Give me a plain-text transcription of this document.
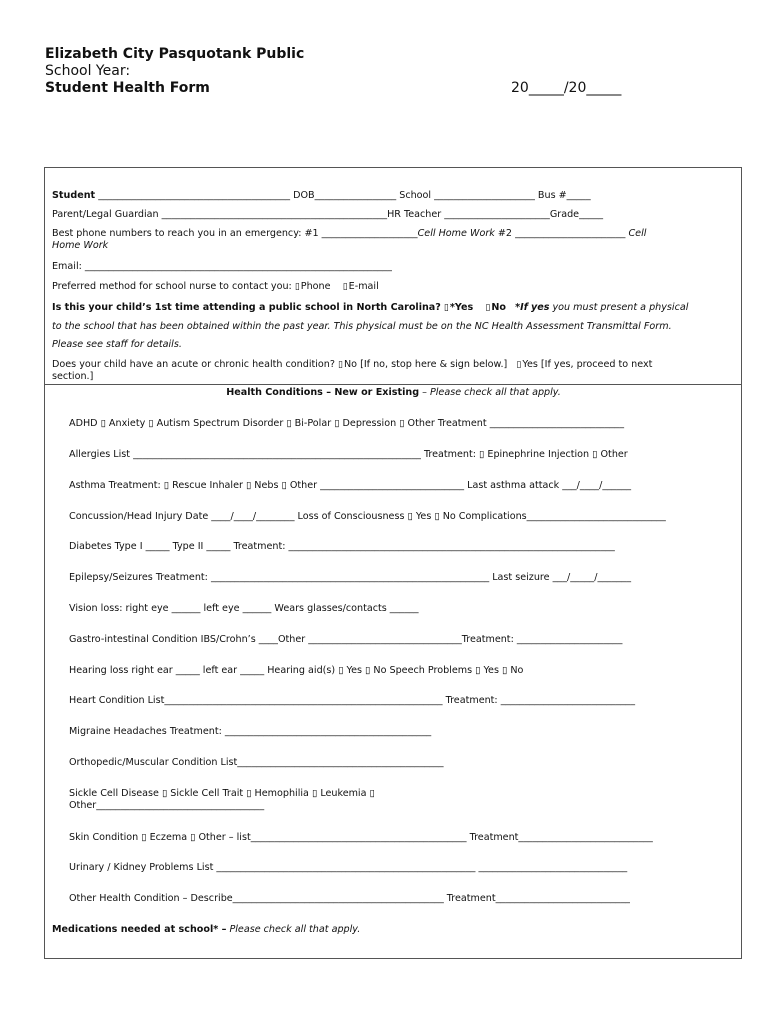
Elizabeth City Pasquotank Public
School Year:
Student Health Form	20_____/20_____
Student ________________________________________ DOB_________________ School _____________________ Bus #_____
Parent/Legal Guardian _______________________________________________HR Teacher ______________________Grade_____
Best phone numbers to reach you in an emergency: #1 ____________________Cell Home Work #2 _______________________ Cell
Home Work
Email: ________________________________________________________________
Preferred method for school nurse to contact you: ▯ Phone ▯ E-mail
Is this your child’s 1st time attending a public school in North Carolina? ▯ *Yes ▯ No *If yes you must present a physical
to the school that has been obtained within the past year. This physical must be on the NC Health Assessment Transmittal Form.
Please see staff for details.
Does your child have an acute or chronic health condition? ▯ No [If no, stop here & sign below.] ▯ Yes [If yes, proceed to next
section.]
Health Conditions – New or Existing – Please check all that apply.
ADHD ▯ Anxiety ▯ Autism Spectrum Disorder ▯ Bi-Polar ▯ Depression ▯ Other Treatment ____________________________
Allergies List ____________________________________________________________ Treatment: ▯ Epinephrine Injection ▯ Other
Asthma Treatment: ▯ Rescue Inhaler ▯ Nebs ▯ Other ______________________________ Last asthma attack ___/____/______
Concussion/Head Injury Date ____/____/________ Loss of Consciousness ▯ Yes ▯ No Complications_____________________________
Diabetes Type I _____ Type II _____ Treatment: ____________________________________________________________________
Epilepsy/Seizures Treatment: __________________________________________________________ Last seizure ___/_____/_______
Vision loss: right eye ______ left eye ______ Wears glasses/contacts ______
Gastro-intestinal Condition IBS/Crohn’s ____Other ________________________________Treatment: ______________________
Hearing loss right ear _____ left ear _____ Hearing aid(s) ▯ Yes ▯ No Speech Problems ▯ Yes ▯ No
Heart Condition List__________________________________________________________ Treatment: ____________________________
Migraine Headaches Treatment: ___________________________________________
Orthopedic/Muscular Condition List___________________________________________
Sickle Cell Disease ▯ Sickle Cell Trait ▯ Hemophilia ▯ Leukemia ▯
Other___________________________________
Skin Condition ▯ Eczema ▯ Other – list_____________________________________________ Treatment____________________________
Urinary / Kidney Problems List ______________________________________________________ _______________________________
Other Health Condition – Describe____________________________________________ Treatment____________________________
Medications needed at school* – Please check all that apply.
